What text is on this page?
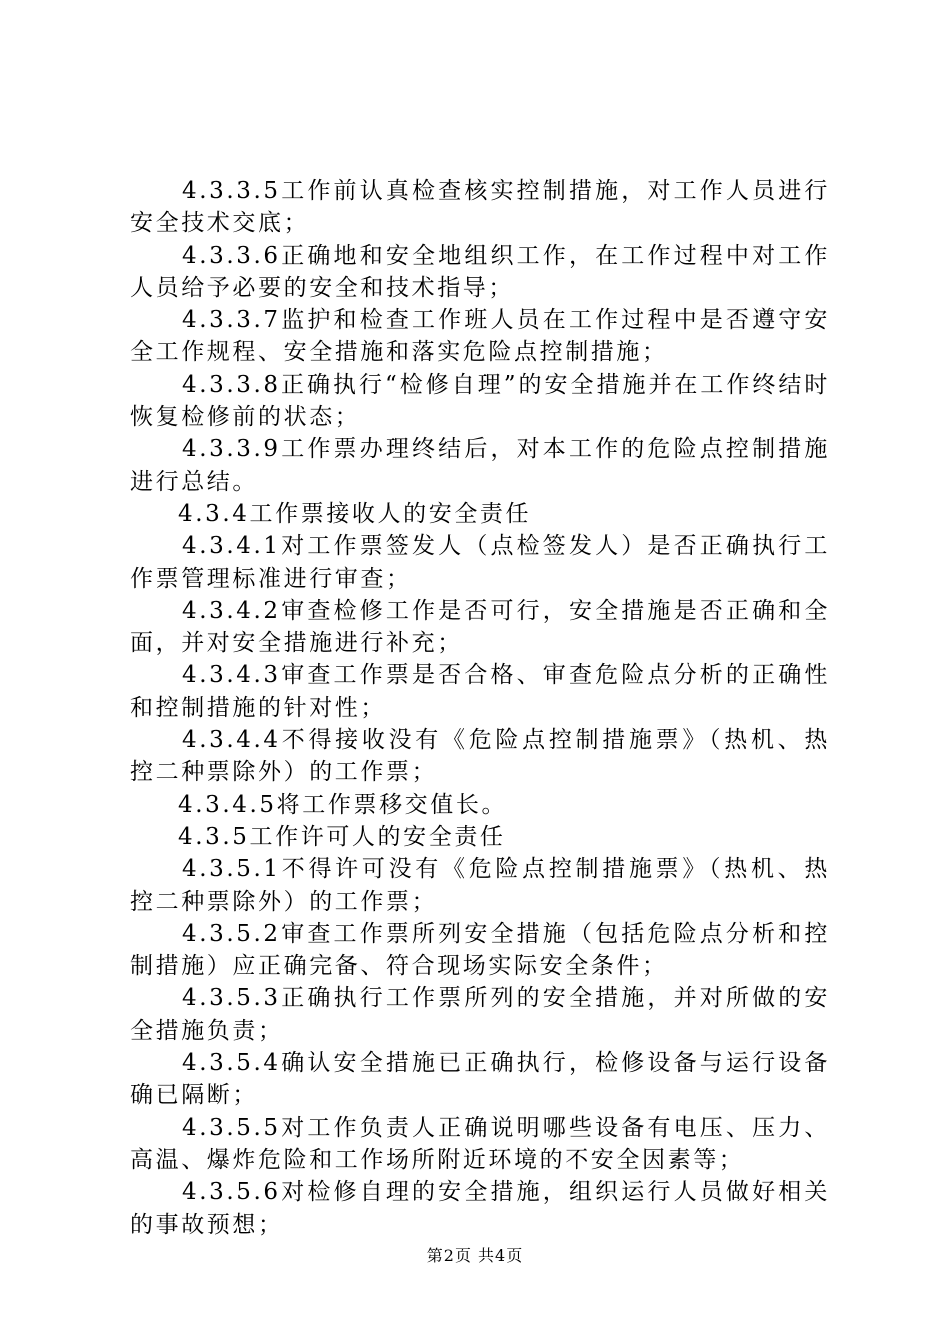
4.3.3.5工作前认真检查核实控制措施，对工作人员进行安全技术交底；

4.3.3.6正确地和安全地组织工作，在工作过程中对工作人员给予必要的安全和技术指导；

4.3.3.7监护和检查工作班人员在工作过程中是否遵守安全工作规程、安全措施和落实危险点控制措施；

4.3.3.8正确执行“检修自理”的安全措施并在工作终结时恢复检修前的状态；

4.3.3.9工作票办理终结后，对本工作的危险点控制措施进行总结。

4.3.4工作票接收人的安全责任

4.3.4.1对工作票签发人（点检签发人）是否正确执行工作票管理标准进行审查；

4.3.4.2审查检修工作是否可行，安全措施是否正确和全面，并对安全措施进行补充；

4.3.4.3审查工作票是否合格、审查危险点分析的正确性和控制措施的针对性；

4.3.4.4不得接收没有《危险点控制措施票》（热机、热控二种票除外）的工作票；

4.3.4.5将工作票移交值长。

4.3.5工作许可人的安全责任

4.3.5.1不得许可没有《危险点控制措施票》（热机、热控二种票除外）的工作票；

4.3.5.2审查工作票所列安全措施（包括危险点分析和控制措施）应正确完备、符合现场实际安全条件；

4.3.5.3正确执行工作票所列的安全措施，并对所做的安全措施负责；

4.3.5.4确认安全措施已正确执行，检修设备与运行设备确已隔断；

4.3.5.5对工作负责人正确说明哪些设备有电压、压力、高温、爆炸危险和工作场所附近环境的不安全因素等；

4.3.5.6对检修自理的安全措施，组织运行人员做好相关的事故预想；

第2页 共4页
